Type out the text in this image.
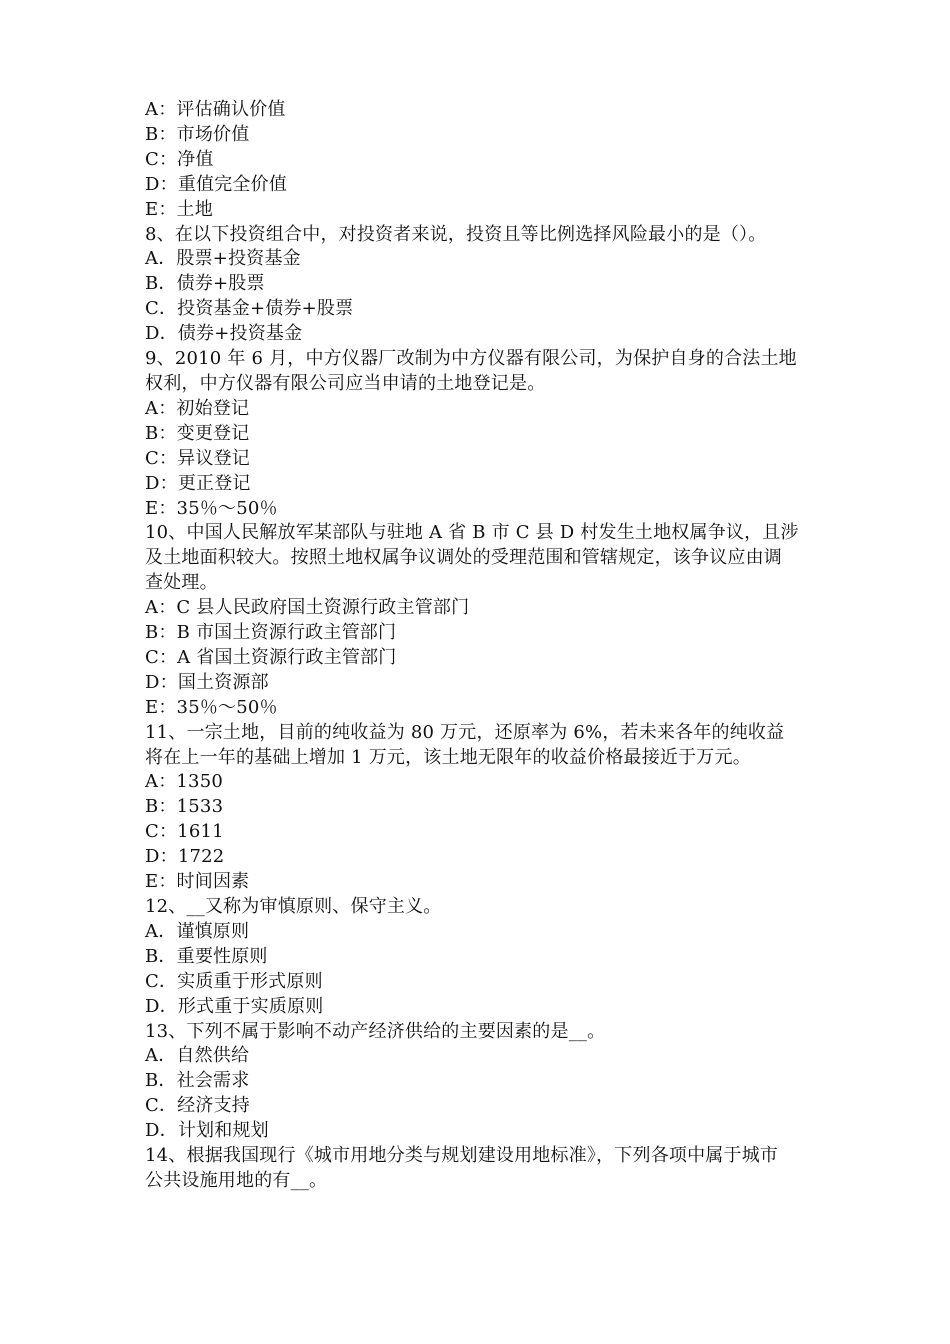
A：评估确认价值
B：市场价值
C：净值
D：重值完全价值
E：土地
8、在以下投资组合中，对投资者来说，投资且等比例选择风险最小的是（）。
A．股票+投资基金
B．债券+股票
C．投资基金+债券+股票
D．债券+投资基金
9、2010 年 6 月，中方仪器厂改制为中方仪器有限公司，为保护自身的合法土地
权利，中方仪器有限公司应当申请的土地登记是。
A：初始登记
B：变更登记
C：异议登记
D：更正登记
E：35％～50％
10、中国人民解放军某部队与驻地 A 省 B 市 C 县 D 村发生土地权属争议，且涉
及土地面积较大。按照土地权属争议调处的受理范围和管辖规定，该争议应由调
查处理。
A：C 县人民政府国土资源行政主管部门
B：B 市国土资源行政主管部门
C：A 省国土资源行政主管部门
D：国土资源部
E：35％～50％
11、一宗土地，目前的纯收益为 80 万元，还原率为 6%，若未来各年的纯收益
将在上一年的基础上增加 1 万元，该土地无限年的收益价格最接近于万元。
A：1350
B：1533
C：1611
D：1722
E：时间因素
12、__又称为审慎原则、保守主义。
A．谨慎原则
B．重要性原则
C．实质重于形式原则
D．形式重于实质原则
13、下列不属于影响不动产经济供给的主要因素的是__。
A．自然供给
B．社会需求
C．经济支持
D．计划和规划
14、根据我国现行《城市用地分类与规划建设用地标准》，下列各项中属于城市
公共设施用地的有__。
